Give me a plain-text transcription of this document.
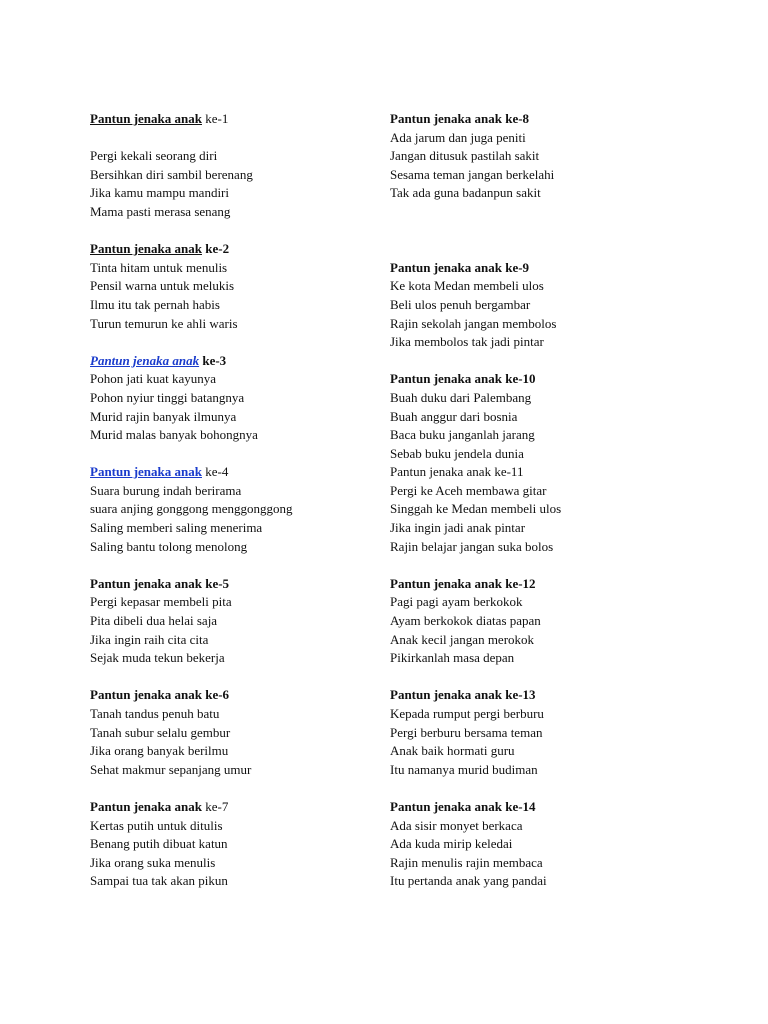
Pantun jenaka anak ke-1
Pergi kekali seorang diri
Bersihkan diri sambil berenang
Jika kamu mampu mandiri
Mama pasti merasa senang
Pantun jenaka anak ke-2
Tinta hitam untuk menulis
Pensil warna untuk melukis
Ilmu itu tak pernah habis
Turun temurun ke ahli waris
Pantun jenaka anak ke-3
Pohon jati kuat kayunya
Pohon nyiur tinggi batangnya
Murid rajin banyak ilmunya
Murid malas banyak bohongnya
Pantun jenaka anak ke-4
Suara burung indah berirama
suara anjing gonggong menggonggong
Saling memberi saling menerima
Saling bantu tolong menolong
Pantun jenaka anak ke-5
Pergi kepasar membeli pita
Pita dibeli dua helai saja
Jika ingin raih cita cita
Sejak muda tekun bekerja
Pantun jenaka anak ke-6
Tanah tandus penuh batu
Tanah subur selalu gembur
Jika orang banyak berilmu
Sehat makmur sepanjang umur
Pantun jenaka anak ke-7
Kertas putih untuk ditulis
Benang putih dibuat katun
Jika orang suka menulis
Sampai tua tak akan pikun
Pantun jenaka anak ke-8
Ada jarum dan juga peniti
Jangan ditusuk pastilah sakit
Sesama teman jangan berkelahi
Tak ada guna badanpun sakit
Pantun jenaka anak ke-9
Ke kota Medan membeli ulos
Beli ulos penuh bergambar
Rajin sekolah jangan membolos
Jika membolos tak jadi pintar
Pantun jenaka anak ke-10
Buah duku dari Palembang
Buah anggur dari bosnia
Baca buku janganlah jarang
Sebab buku jendela dunia
Pantun jenaka anak ke-11
Pergi ke Aceh membawa gitar
Singgah ke Medan membeli ulos
Jika ingin jadi anak pintar
Rajin belajar jangan suka bolos
Pantun jenaka anak ke-12
Pagi pagi ayam berkokok
Ayam berkokok diatas papan
Anak kecil jangan merokok
Pikirkanlah masa depan
Pantun jenaka anak ke-13
Kepada rumput pergi berburu
Pergi berburu bersama teman
Anak baik hormati guru
Itu namanya murid budiman
Pantun jenaka anak ke-14
Ada sisir monyet berkaca
Ada kuda mirip keledai
Rajin menulis rajin membaca
Itu pertanda anak yang pandai
